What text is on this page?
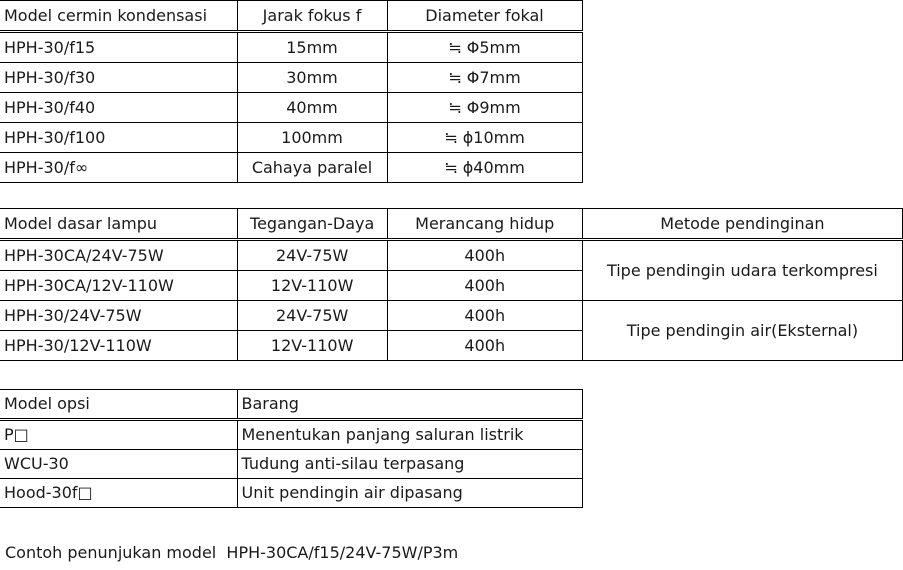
Model cermin kondensasi	Jarak fokus f	Diameter fokal
HPH-30/f15	15mm	≒ Φ5mm
HPH-30/f30	30mm	≒ Φ7mm
HPH-30/f40	40mm	≒ Φ9mm
HPH-30/f100	100mm	≒ ϕ10mm
HPH-30/f∞	Cahaya paralel	≒ ϕ40mm
Model dasar lampu	Tegangan-Daya	Merancang hidup	Metode pendinginan
HPH-30CA/24V-75W	24V-75W	400h	Tipe pendingin udara terkompresi
HPH-30CA/12V-110W	12V-110W	400h	
HPH-30/24V-75W	24V-75W	400h	Tipe pendingin air(Eksternal)
HPH-30/12V-110W	12V-110W	400h	
Model opsi	Barang
P□	Menentukan panjang saluran listrik
WCU-30	Tudung anti-silau terpasang
Hood-30f□	Unit pendingin air dipasang
Contoh penunjukan model  HPH-30CA/f15/24V-75W/P3m
